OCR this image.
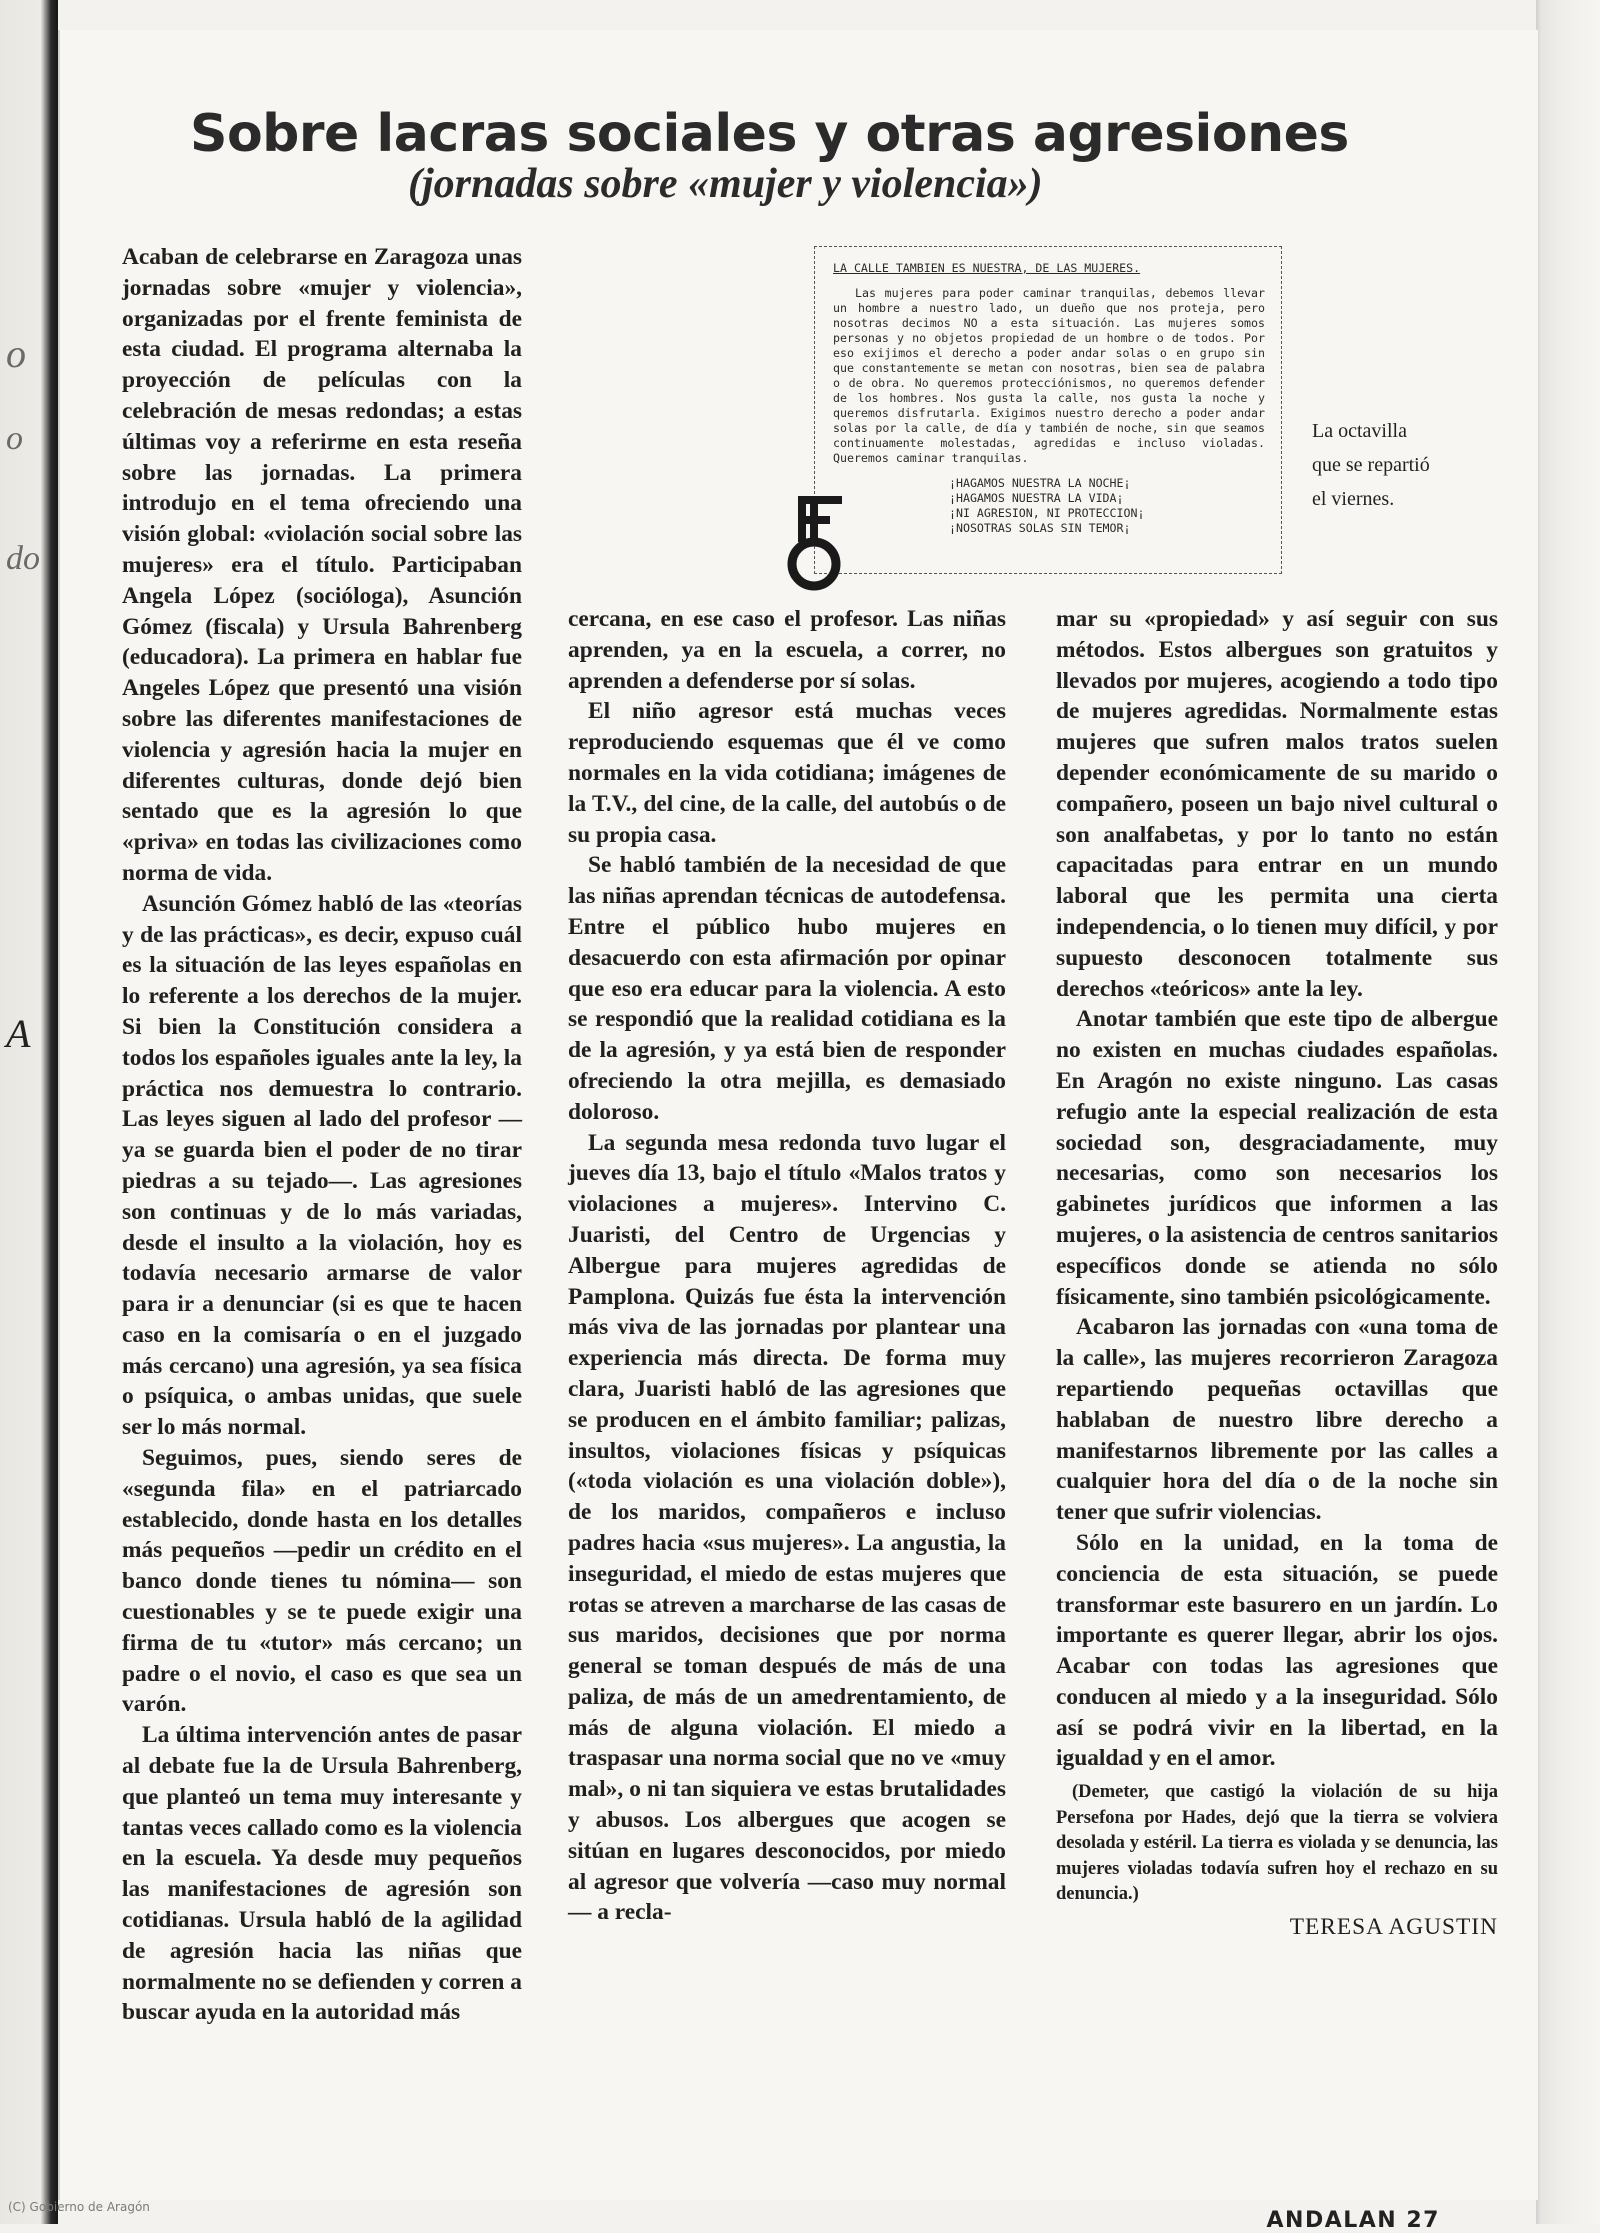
o
o
do
A
Sobre lacras sociales y otras agresiones
(jornadas sobre «mujer y violencia»)

Acaban de celebrarse en Zaragoza unas jornadas sobre «mujer y violencia», organizadas por el frente feminista de esta ciudad. El programa alternaba la proyección de películas con la celebración de mesas redondas; a estas últimas voy a referirme en esta reseña sobre las jornadas. La primera introdujo en el tema ofreciendo una visión global: «violación social sobre las mujeres» era el título. Participaban Angela López (socióloga), Asunción Gómez (fiscala) y Ursula Bahrenberg (educadora). La primera en hablar fue Angeles López que presentó una visión sobre las diferentes manifestaciones de violencia y agresión hacia la mujer en diferentes culturas, donde dejó bien sentado que es la agresión lo que «priva» en todas las civilizaciones como norma de vida.

Asunción Gómez habló de las «teorías y de las prácticas», es decir, expuso cuál es la situación de las leyes españolas en lo referente a los derechos de la mujer. Si bien la Constitución considera a todos los españoles iguales ante la ley, la práctica nos demuestra lo contrario. Las leyes siguen al lado del profesor —ya se guarda bien el poder de no tirar piedras a su tejado—. Las agresiones son continuas y de lo más variadas, desde el insulto a la violación, hoy es todavía necesario armarse de valor para ir a denunciar (si es que te hacen caso en la comisaría o en el juzgado más cercano) una agresión, ya sea física o psíquica, o ambas unidas, que suele ser lo más normal.

Seguimos, pues, siendo seres de «segunda fila» en el patriarcado establecido, donde hasta en los detalles más pequeños —pedir un crédito en el banco donde tienes tu nómina— son cuestionables y se te puede exigir una firma de tu «tutor» más cercano; un padre o el novio, el caso es que sea un varón.

La última intervención antes de pasar al debate fue la de Ursula Bahrenberg, que planteó un tema muy interesante y tantas veces callado como es la violencia en la escuela. Ya desde muy pequeños las manifestaciones de agresión son cotidianas. Ursula habló de la agilidad de agresión hacia las niñas que normalmente no se defienden y corren a buscar ayuda en la autoridad más

LA CALLE TAMBIEN ES NUESTRA, DE LAS MUJERES.
Las mujeres para poder caminar tranquilas, debemos llevar un hombre a nuestro lado, un dueño que nos proteja, pero nosotras decimos NO a esta situación. Las mujeres somos personas y no objetos propiedad de un hombre o de todos. Por eso exijimos el derecho a poder andar solas o en grupo sin que constantemente se metan con nosotras, bien sea de palabra o de obra. No queremos protecciónismos, no queremos defender de los hombres. Nos gusta la calle, nos gusta la noche y queremos disfrutarla. Exigimos nuestro derecho a poder andar solas por la calle, de día y también de noche, sin que seamos continuamente molestadas, agredidas e incluso violadas. Queremos caminar tranquilas.
¡HAGAMOS NUESTRA LA NOCHE¡
¡HAGAMOS NUESTRA LA VIDA¡
¡NI AGRESION, NI PROTECCION¡
¡NOSOTRAS SOLAS SIN TEMOR¡
La octavilla
que se repartió
el viernes.

cercana, en ese caso el profesor. Las niñas aprenden, ya en la escuela, a correr, no aprenden a defenderse por sí solas.

El niño agresor está muchas veces reproduciendo esquemas que él ve como normales en la vida cotidiana; imágenes de la T.V., del cine, de la calle, del autobús o de su propia casa.

Se habló también de la necesidad de que las niñas aprendan técnicas de autodefensa. Entre el público hubo mujeres en desacuerdo con esta afirmación por opinar que eso era educar para la violencia. A esto se respondió que la realidad cotidiana es la de la agresión, y ya está bien de responder ofreciendo la otra mejilla, es demasiado doloroso.

La segunda mesa redonda tuvo lugar el jueves día 13, bajo el título «Malos tratos y violaciones a mujeres». Intervino C. Juaristi, del Centro de Urgencias y Albergue para mujeres agredidas de Pamplona. Quizás fue ésta la intervención más viva de las jornadas por plantear una experiencia más directa. De forma muy clara, Juaristi habló de las agresiones que se producen en el ámbito familiar; palizas, insultos, violaciones físicas y psíquicas («toda violación es una violación doble»), de los maridos, compañeros e incluso padres hacia «sus mujeres». La angustia, la inseguridad, el miedo de estas mujeres que rotas se atreven a marcharse de las casas de sus maridos, decisiones que por norma general se toman después de más de una paliza, de más de un amedrentamiento, de más de alguna violación. El miedo a traspasar una norma social que no ve «muy mal», o ni tan siquiera ve estas brutalidades y abusos. Los albergues que acogen se sitúan en lugares desconocidos, por miedo al agresor que volvería —caso muy normal— a recla-

mar su «propiedad» y así seguir con sus métodos. Estos albergues son gratuitos y llevados por mujeres, acogiendo a todo tipo de mujeres agredidas. Normalmente estas mujeres que sufren malos tratos suelen depender económicamente de su marido o compañero, poseen un bajo nivel cultural o son analfabetas, y por lo tanto no están capacitadas para entrar en un mundo laboral que les permita una cierta independencia, o lo tienen muy difícil, y por supuesto desconocen totalmente sus derechos «teóricos» ante la ley.

Anotar también que este tipo de albergue no existen en muchas ciudades españolas. En Aragón no existe ninguno. Las casas refugio ante la especial realización de esta sociedad son, desgraciadamente, muy necesarias, como son necesarios los gabinetes jurídicos que informen a las mujeres, o la asistencia de centros sanitarios específicos donde se atienda no sólo físicamente, sino también psicológicamente.

Acabaron las jornadas con «una toma de la calle», las mujeres recorrieron Zaragoza repartiendo pequeñas octavillas que hablaban de nuestro libre derecho a manifestarnos libremente por las calles a cualquier hora del día o de la noche sin tener que sufrir violencias.

Sólo en la unidad, en la toma de conciencia de esta situación, se puede transformar este basurero en un jardín. Lo importante es querer llegar, abrir los ojos. Acabar con todas las agresiones que conducen al miedo y a la inseguridad. Sólo así se podrá vivir en la libertad, en la igualdad y en el amor.

(Demeter, que castigó la violación de su hija Persefona por Hades, dejó que la tierra se volviera desolada y estéril. La tierra es violada y se denuncia, las mujeres violadas todavía sufren hoy el rechazo en su denuncia.)

TERESA AGUSTIN

ANDALAN 27
(C) Gobierno de Aragón
